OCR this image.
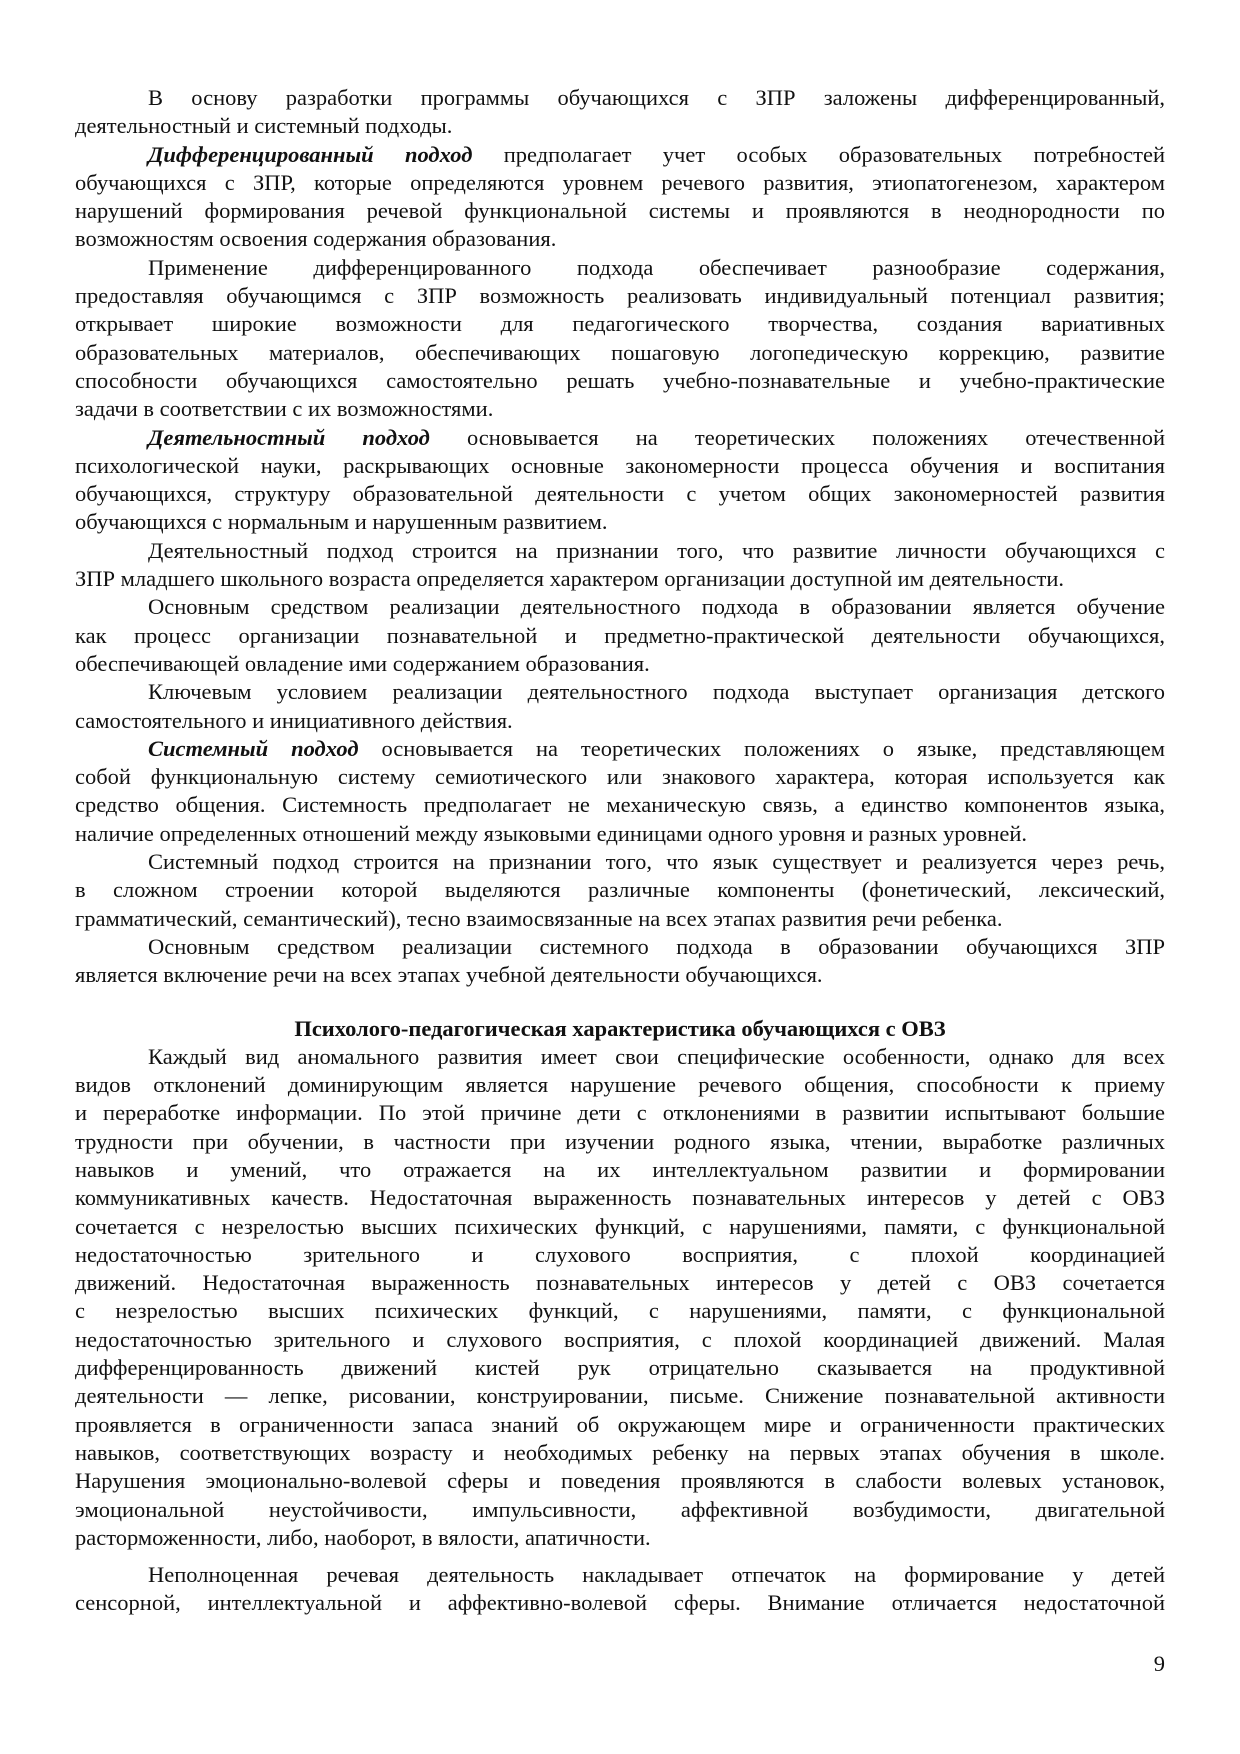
В основу разработки программы обучающихся с ЗПР заложены дифференцированный,
деятельностный и системный подходы.
Дифференцированный подход предполагает учет особых образовательных потребностей
обучающихся с ЗПР, которые определяются уровнем речевого развития, этиопатогенезом, характером
нарушений формирования речевой функциональной системы и проявляются в неоднородности по
возможностям освоения содержания образования.
Применение дифференцированного подхода обеспечивает разнообразие содержания,
предоставляя обучающимся с ЗПР возможность реализовать индивидуальный потенциал развития;
открывает широкие возможности для педагогического творчества, создания вариативных
образовательных материалов, обеспечивающих пошаговую логопедическую коррекцию, развитие
способности обучающихся самостоятельно решать учебно-познавательные и учебно-практические
задачи в соответствии с их возможностями.
Деятельностный подход основывается на теоретических положениях отечественной
психологической науки, раскрывающих основные закономерности процесса обучения и воспитания
обучающихся, структуру образовательной деятельности с учетом общих закономерностей развития
обучающихся с нормальным и нарушенным развитием.
Деятельностный подход строится на признании того, что развитие личности обучающихся с
ЗПР младшего школьного возраста определяется характером организации доступной им деятельности.
Основным средством реализации деятельностного подхода в образовании является обучение
как процесс организации познавательной и предметно-практической деятельности обучающихся,
обеспечивающей овладение ими содержанием образования.
Ключевым условием реализации деятельностного подхода выступает организация детского
самостоятельного и инициативного действия.
Системный подход основывается на теоретических положениях о языке, представляющем
собой функциональную систему семиотического или знакового характера, которая используется как
средство общения. Системность предполагает не механическую связь, а единство компонентов языка,
наличие определенных отношений между языковыми единицами одного уровня и разных уровней.
Системный подход строится на признании того, что язык существует и реализуется через речь,
в сложном строении которой выделяются различные компоненты (фонетический, лексический,
грамматический, семантический), тесно взаимосвязанные на всех этапах развития речи ребенка.
Основным средством реализации системного подхода в образовании обучающихся ЗПР
является включение речи на всех этапах учебной деятельности обучающихся.
Психолого-педагогическая характеристика обучающихся с ОВЗ
Каждый вид аномального развития имеет свои специфические особенности, однако для всех
видов отклонений доминирующим является нарушение речевого общения, способности к приему
и переработке информации. По этой причине дети с отклонениями в развитии испытывают большие
трудности при обучении, в частности при изучении родного языка, чтении, выработке различных
навыков и умений, что отражается на их интеллектуальном развитии и формировании
коммуникативных качеств. Недостаточная выраженность познавательных интересов у детей с ОВЗ
сочетается с незрелостью высших психических функций, с нарушениями, памяти, с функциональной
недостаточностью зрительного и слухового восприятия, с плохой координацией
движений. Недостаточная выраженность познавательных интересов у детей с ОВЗ сочетается
с незрелостью высших психических функций, с нарушениями, памяти, с функциональной
недостаточностью зрительного и слухового восприятия, с плохой координацией движений. Малая
дифференцированность движений кистей рук отрицательно сказывается на продуктивной
деятельности — лепке, рисовании, конструировании, письме. Снижение познавательной активности
проявляется в ограниченности запаса знаний об окружающем мире и ограниченности практических
навыков, соответствующих возрасту и необходимых ребенку на первых этапах обучения в школе.
Нарушения эмоционально-волевой сферы и поведения проявляются в слабости волевых установок,
эмоциональной неустойчивости, импульсивности, аффективной возбудимости, двигательной
расторможенности, либо, наоборот, в вялости, апатичности.
Неполноценная речевая деятельность накладывает отпечаток на формирование у детей
сенсорной, интеллектуальной и аффективно-волевой сферы. Внимание отличается недостаточной
9
